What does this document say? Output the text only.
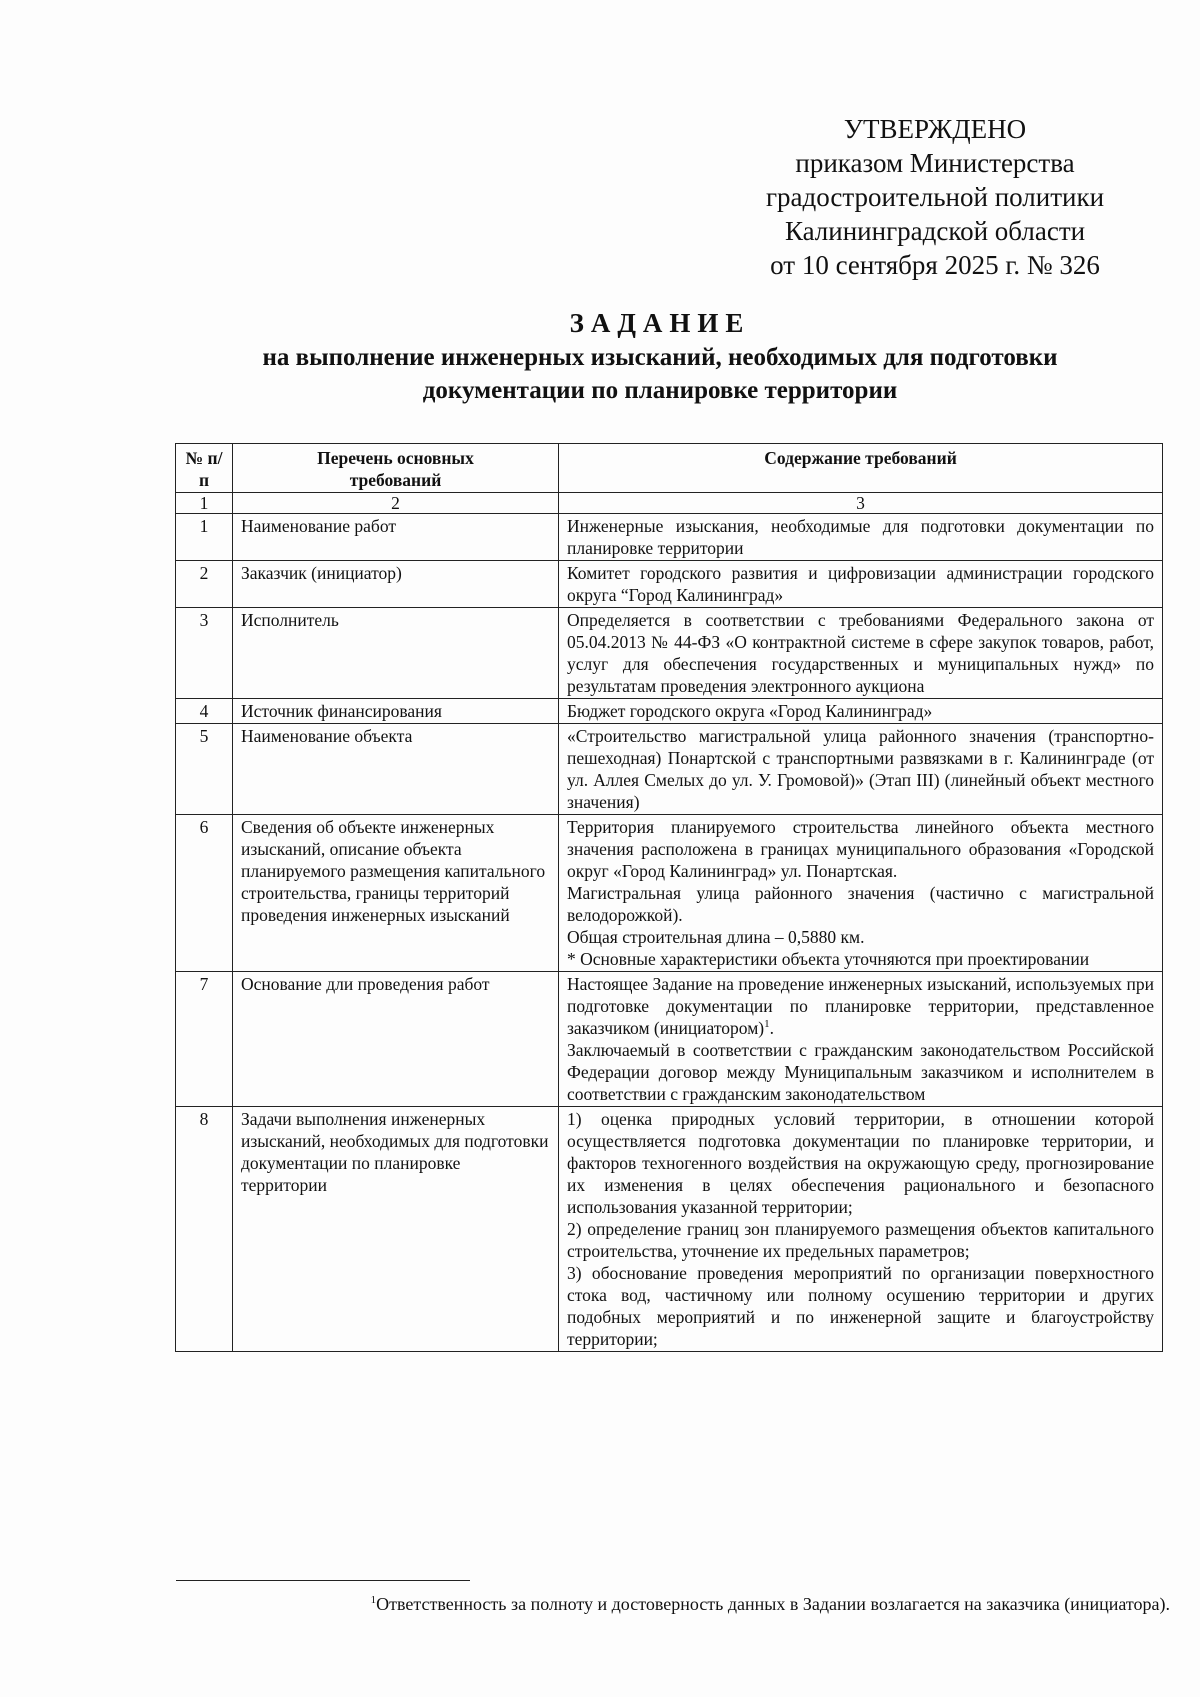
УТВЕРЖДЕНО
приказом Министерства
градостроительной политики
Калининградской области
от 10 сентября 2025 г. № 326
ЗАДАНИЕ
на выполнение инженерных изысканий, необходимых для подготовки
документации по планировке территории
№ п/п	Перечень основных требований	Содержание требований
1	2	3
1	Наименование работ	Инженерные изыскания, необходимые для подготовки документации по планировке территории

2	Заказчик (инициатор)	Комитет городского развития и цифровизации администрации городского округа “Город Калининград»

3	Исполнитель	Определяется в соответствии с требованиями Федерального закона от 05.04.2013 № 44-ФЗ «О контрактной системе в сфере закупок товаров, работ, услуг для обеспечения государственных и муниципальных нужд» по результатам проведения электронного аукциона

4	Источник финансирования	Бюджет городского округа «Город Калининград»

5	Наименование объекта	«Строительство магистральной улица районного значения (транспортно-пешеходная) Понартской с транспортными развязками в г. Калининграде (от ул. Аллея Смелых до ул. У. Громовой)» (Этап III) (линейный объект местного значения)

6	Сведения об объекте инженерных изысканий, описание объекта планируемого размещения капитального строительства, границы территорий проведения инженерных изысканий	Территория планируемого строительства линейного объекта местного значения расположена в границах муниципального образования «Городской округ «Город Калининград» ул. Понартская.
Магистральная улица районного значения (частично с магистральной велодорожкой).
Общая строительная длина – 0,5880 км.
* Основные характеристики объекта уточняются при проектировании

7	Основание дли проведения работ	Настоящее Задание на проведение инженерных изысканий, используемых при подготовке документации по планировке территории, представленное заказчиком (инициатором)$^1$.
Заключаемый в соответствии с гражданским законодательством Российской Федерации договор между Муниципальным заказчиком и исполнителем в соответствии с гражданским законодательством

8	Задачи выполнения инженерных изысканий, необходимых для подготовки документации по планировке территории	1) оценка природных условий территории, в отношении которой осуществляется подготовка документации по планировке территории, и факторов техногенного воздействия на окружающую среду, прогнозирование их изменения в целях обеспечения рационального и безопасного использования указанной территории;
2) определение границ зон планируемого размещения объектов капитального строительства, уточнение их предельных параметров;
3) обоснование проведения мероприятий по организации поверхностного стока вод, частичному или полному осушению территории и других подобных мероприятий и по инженерной защите и благоустройству территории;
$^1$Ответственность за полноту и достоверность данных в Задании возлагается на заказчика (инициатора).
